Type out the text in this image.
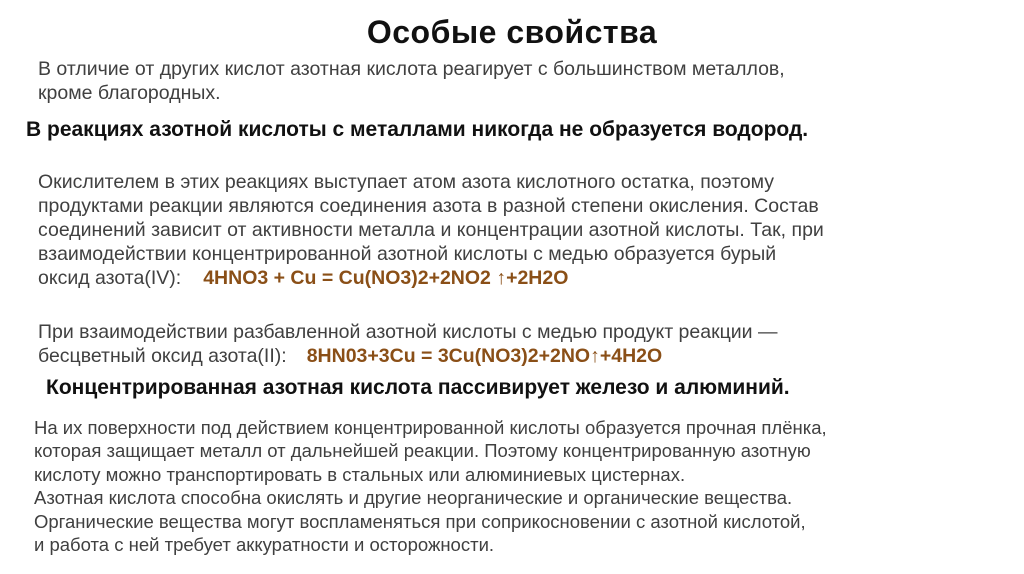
Особые свойства

В отличие от других кислот азотная кислота реагирует с большинством металлов,
кроме благородных.

В реакциях азотной кислоты с металлами никогда не образуется водород.

Окислителем в этих реакциях выступает атом азота кислотного остатка, поэтому
продуктами реакции являются соединения азота в разной степени окисления. Состав
соединений зависит от активности металла и концентрации азотной кислоты. Так, при
взаимодействии концентрированной азотной кислоты с медью образуется бурый
оксид азота(IV): 4HNO3 + Cu = Cu(NO3)2+2NO2 ↑+2H2O

При взаимодействии разбавленной азотной кислоты с медью продукт реакции —
бесцветный оксид азота(II): 8HN03+3Cu = 3Cu(NO3)2+2NO↑+4H2O

Концентрированная азотная кислота пассивирует железо и алюминий.

На их поверхности под действием концентрированной кислоты образуется прочная плёнка,
которая защищает металл от дальнейшей реакции. Поэтому концентрированную азотную
кислоту можно транспортировать в стальных или алюминиевых цистернах.
Азотная кислота способна окислять и другие неорганические и органические вещества.
Органические вещества могут воспламеняться при соприкосновении с азотной кислотой,
и работа с ней требует аккуратности и осторожности.
